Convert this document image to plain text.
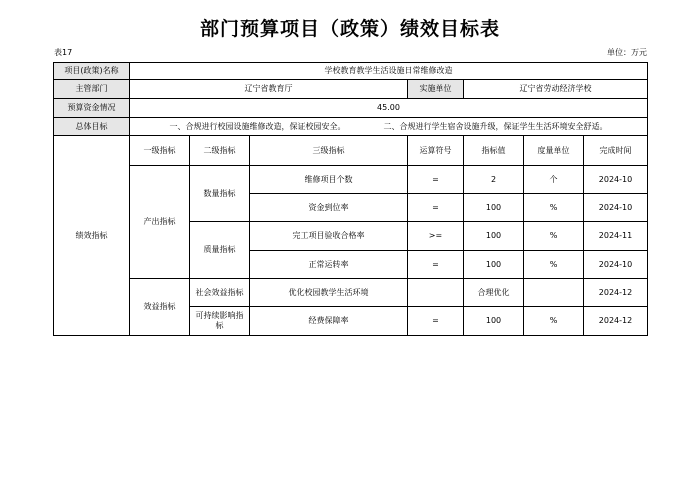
部门预算项目（政策）绩效目标表
表17	单位：万元
项目(政策)名称	学校教育教学生活设施日常维修改造						
主管部门	辽宁省教育厅			实施单位	辽宁省劳动经济学校		
预算资金情况	45.00						
总体目标	一、合规进行校园设施维修改造，保证校园安全。 二、合规进行学生宿舍设施升级，保证学生生活环境安全舒适。						
绩效指标	一级指标	二级指标	三级指标	运算符号	指标值	度量单位	完成时间
	产出指标	数量指标	维修项目个数	=	2	个	2024-10
			资金到位率	=	100	%	2024-10
		质量指标	完工项目验收合格率	>=	100	%	2024-11
			正常运转率	=	100	%	2024-10
	效益指标	社会效益指标	优化校园教学生活环境		合理优化		2024-12
		可持续影响指标	经费保障率	=	100	%	2024-12
